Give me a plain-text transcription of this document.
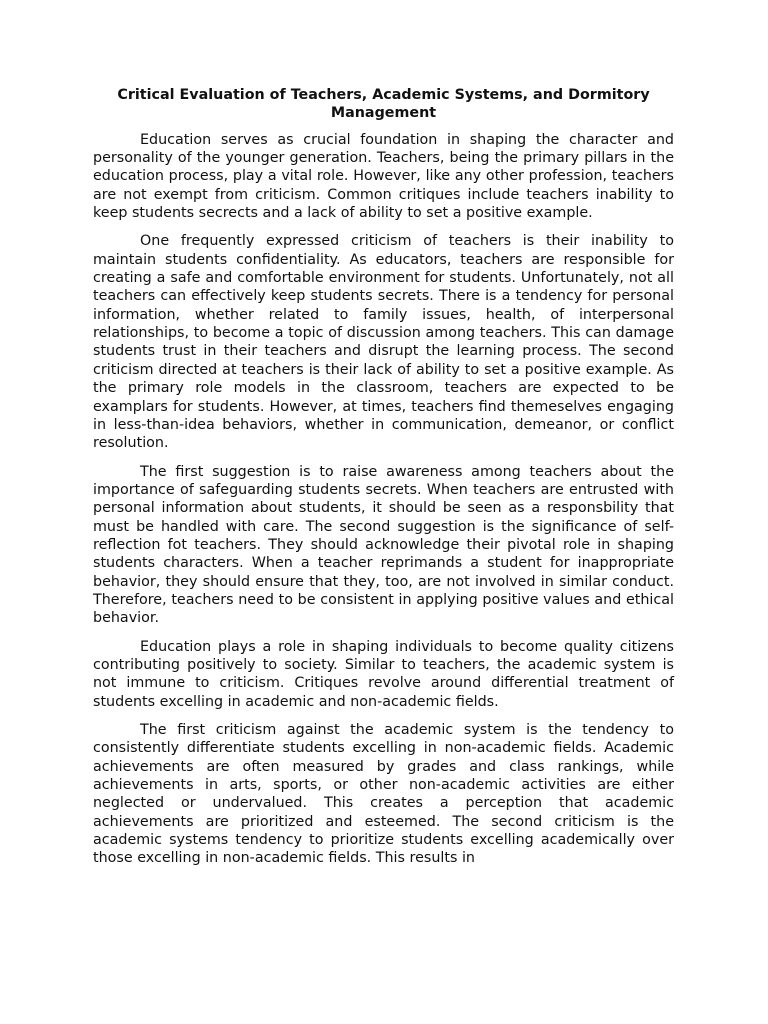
Critical Evaluation of Teachers, Academic Systems, and Dormitory Management

Education serves as crucial foundation in shaping the character and personality of the younger generation. Teachers, being the primary pillars in the education process, play a vital role. However, like any other profession, teachers are not exempt from criticism. Common critiques include teachers inability to keep students secrects and a lack of ability to set a positive example.

One frequently expressed criticism of teachers is their inability to maintain students confidentiality. As educators, teachers are responsible for creating a safe and comfortable environment for students. Unfortunately, not all teachers can effectively keep students secrets. There is a tendency for personal information, whether related to family issues, health, of interpersonal relationships, to become a topic of discussion among teachers. This can damage students trust in their teachers and disrupt the learning process. The second criticism directed at teachers is their lack of ability to set a positive example. As the primary role models in the classroom, teachers are expected to be examplars for students. However, at times, teachers find themeselves engaging in less-than-idea behaviors, whether in communication, demeanor, or conflict resolution.

The first suggestion is to raise awareness among teachers about the importance of safeguarding students secrets. When teachers are entrusted with personal information about students, it should be seen as a responsbility that must be handled with care. The second suggestion is the significance of self-reflection fot teachers. They should acknowledge their pivotal role in shaping students characters. When a teacher reprimands a student for inappropriate behavior, they should ensure that they, too, are not involved in similar conduct. Therefore, teachers need to be consistent in applying positive values and ethical behavior.

Education plays a role in shaping individuals to become quality citizens contributing positively to society. Similar to teachers, the academic system is not immune to criticism. Critiques revolve around differential treatment of students excelling in academic and non-academic fields.

The first criticism against the academic system is the tendency to consistently differentiate students excelling in non-academic fields. Academic achievements are often measured by grades and class rankings, while achievements in arts, sports, or other non-academic activities are either neglected or undervalued. This creates a perception that academic achievements are prioritized and esteemed. The second criticism is the academic systems tendency to prioritize students excelling academically over those excelling in non-academic fields. This results in
